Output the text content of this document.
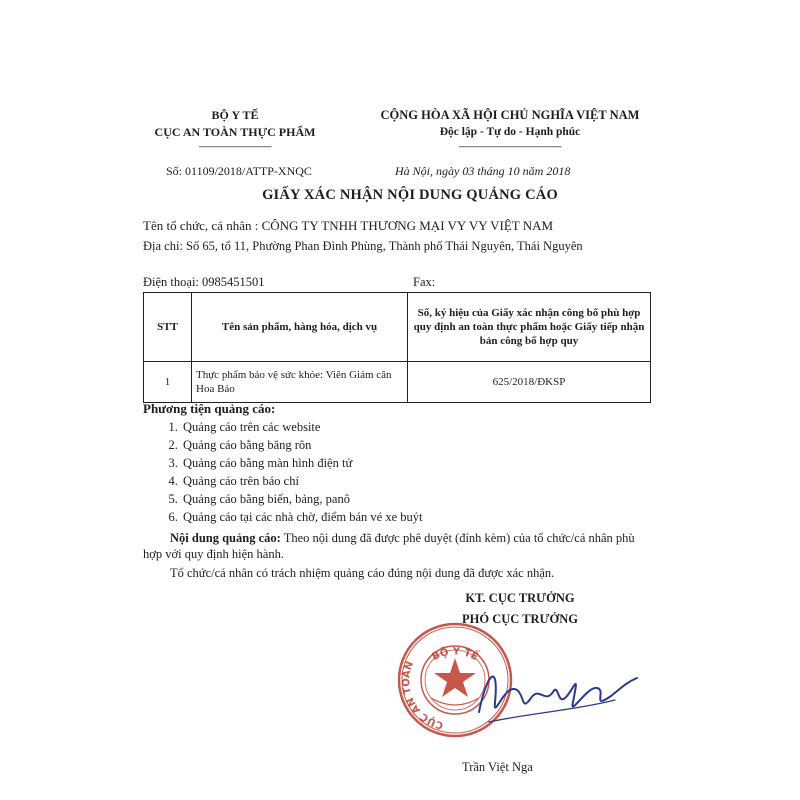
BỘ Y TẾ
CỤC AN TOÀN THỰC PHẨM
-----------------------------
CỘNG HÒA XÃ HỘI CHỦ NGHĨA VIỆT NAM
Độc lập - Tự do - Hạnh phúc
-----------------------------------------
Số: 01109/2018/ATTP-XNQC	Hà Nội, ngày 03 tháng 10 năm 2018
GIẤY XÁC NHẬN NỘI DUNG QUẢNG CÁO
Tên tổ chức, cá nhân : CÔNG TY TNHH THƯƠNG MẠI VY VY VIỆT NAM
Địa chỉ: Số 65, tổ 11, Phường Phan Đình Phùng, Thành phố Thái Nguyên, Thái Nguyên
Điện thoại: 0985451501	Fax:
STT	Tên sản phẩm, hàng hóa, dịch vụ	Số, ký hiệu của Giấy xác nhận công bố phù hợp quy định an toàn thực phẩm hoặc Giấy tiếp nhận bản công bố hợp quy
1	Thực phẩm bảo vệ sức khỏe: Viên Giảm cân Hoa Bảo	625/2018/ĐKSP
Phương tiện quảng cáo:
1. Quảng cáo trên các website
2. Quảng cáo bằng băng rôn
3. Quảng cáo bằng màn hình điện tử
4. Quảng cáo trên báo chí
5. Quảng cáo bằng biển, bảng, panô
6. Quảng cáo tại các nhà chờ, điểm bán vé xe buýt
Nội dung quảng cáo: Theo nội dung đã được phê duyệt (đính kèm) của tổ chức/cá nhân phù hợp với quy định hiện hành.
Tổ chức/cá nhân có trách nhiệm quảng cáo đúng nội dung đã được xác nhận.
KT. CỤC TRƯỞNG
PHÓ CỤC TRƯỞNG
BỘ Y TẾ
CỤC AN TOÀN
Trần Việt Nga
